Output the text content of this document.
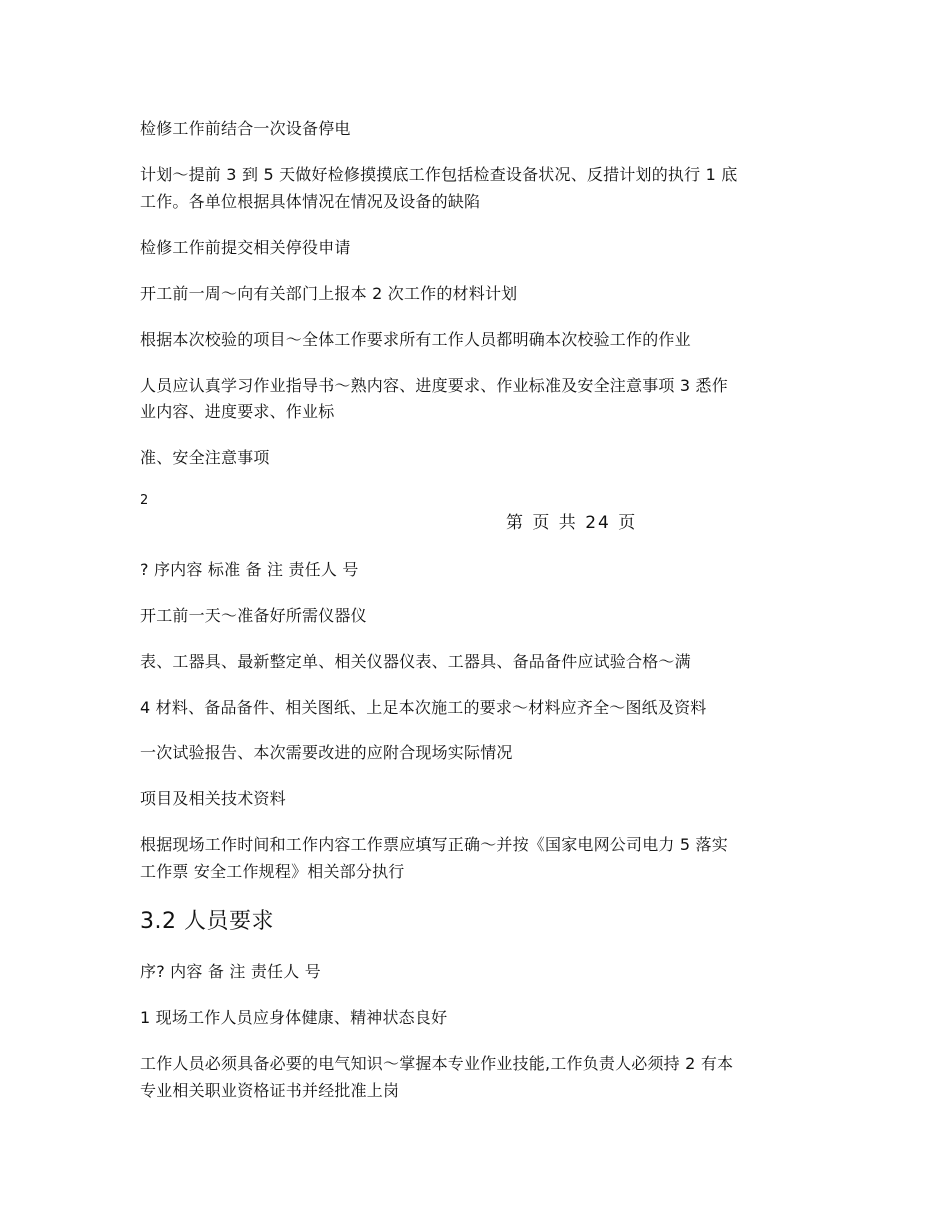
检修工作前结合一次设备停电
计划～提前 3 到 5 天做好检修摸摸底工作包括检查设备状况、反措计划的执行 1 底
工作。各单位根据具体情况在情况及设备的缺陷
检修工作前提交相关停役申请
开工前一周～向有关部门上报本 2 次工作的材料计划
根据本次校验的项目～全体工作要求所有工作人员都明确本次校验工作的作业
人员应认真学习作业指导书～熟内容、进度要求、作业标准及安全注意事项 3 悉作
业内容、进度要求、作业标
准、安全注意事项
2
第 页 共 24 页
? 序内容 标准 备 注 责任人 号
开工前一天～准备好所需仪器仪
表、工器具、最新整定单、相关仪器仪表、工器具、备品备件应试验合格～满
4 材料、备品备件、相关图纸、上足本次施工的要求～材料应齐全～图纸及资料
一次试验报告、本次需要改进的应附合现场实际情况
项目及相关技术资料
根据现场工作时间和工作内容工作票应填写正确～并按《国家电网公司电力 5 落实
工作票 安全工作规程》相关部分执行
3.2 人员要求
序? 内容 备 注 责任人 号
1 现场工作人员应身体健康、精神状态良好
工作人员必须具备必要的电气知识～掌握本专业作业技能,工作负责人必须持 2 有本
专业相关职业资格证书并经批准上岗
